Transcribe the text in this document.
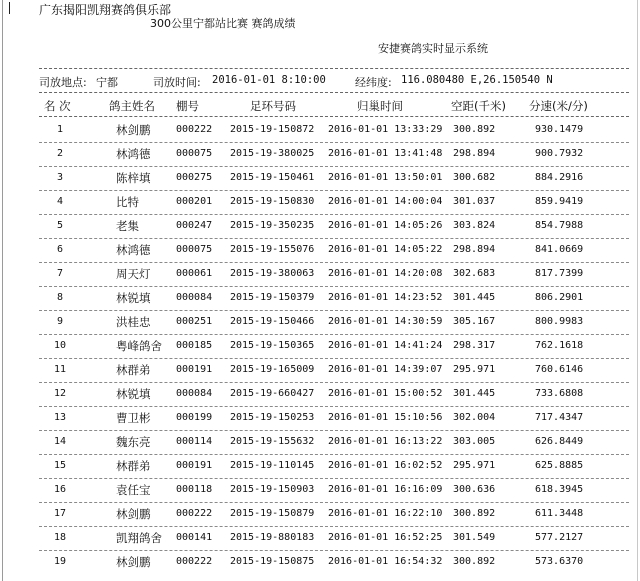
广东揭阳凯翔赛鸽俱乐部
300公里宁都站比赛 赛鸽成绩
安捷赛鸽实时显示系统
司放地点: 宁都	司放时间: 2016-01-01 8:10:00	经纬度: 116.080480 E,26.150540 N
名 次	鸽主姓名 棚号	足环号码	归巢时间	空距(千米) 分速(米/分)
1	林剑鹏	000222 2015-19-150872 2016-01-01 13:33:29 300.892	930.1479
2	林鸿德	000075 2015-19-380025 2016-01-01 13:41:48 298.894	900.7932
3	陈梓填	000275 2015-19-150461 2016-01-01 13:50:01 300.682	884.2916
4	比特	000201 2015-19-150830 2016-01-01 14:00:04 301.037	859.9419
5	老集	000247 2015-19-350235 2016-01-01 14:05:26 303.824	854.7988
6	林鸿德	000075 2015-19-155076 2016-01-01 14:05:22 298.894	841.0669
7	周天灯	000061 2015-19-380063 2016-01-01 14:20:08 302.683	817.7399
8	林锐填	000084 2015-19-150379 2016-01-01 14:23:52 301.445	806.2901
9	洪桂忠	000251 2015-19-150466 2016-01-01 14:30:59 305.167	800.9983
10	粤峰鸽舍 000185 2015-19-150365 2016-01-01 14:41:24 298.317	762.1618
11	林群弟	000191 2015-19-165009 2016-01-01 14:39:07 295.971	760.6146
12	林锐填	000084 2015-19-660427 2016-01-01 15:00:52 301.445	733.6808
13	曹卫彬	000199 2015-19-150253 2016-01-01 15:10:56 302.004	717.4347
14	魏东亮	000114 2015-19-155632 2016-01-01 16:13:22 303.005	626.8449
15	林群弟	000191 2015-19-110145 2016-01-01 16:02:52 295.971	625.8885
16	袁任宝	000118 2015-19-150903 2016-01-01 16:16:09 300.636	618.3945
17	林剑鹏	000222 2015-19-150879 2016-01-01 16:22:10 300.892	611.3448
18	凯翔鸽舍 000141 2015-19-880183 2016-01-01 16:52:25 301.549	577.2127
19	林剑鹏	000222 2015-19-150875 2016-01-01 16:54:32 300.892	573.6370
